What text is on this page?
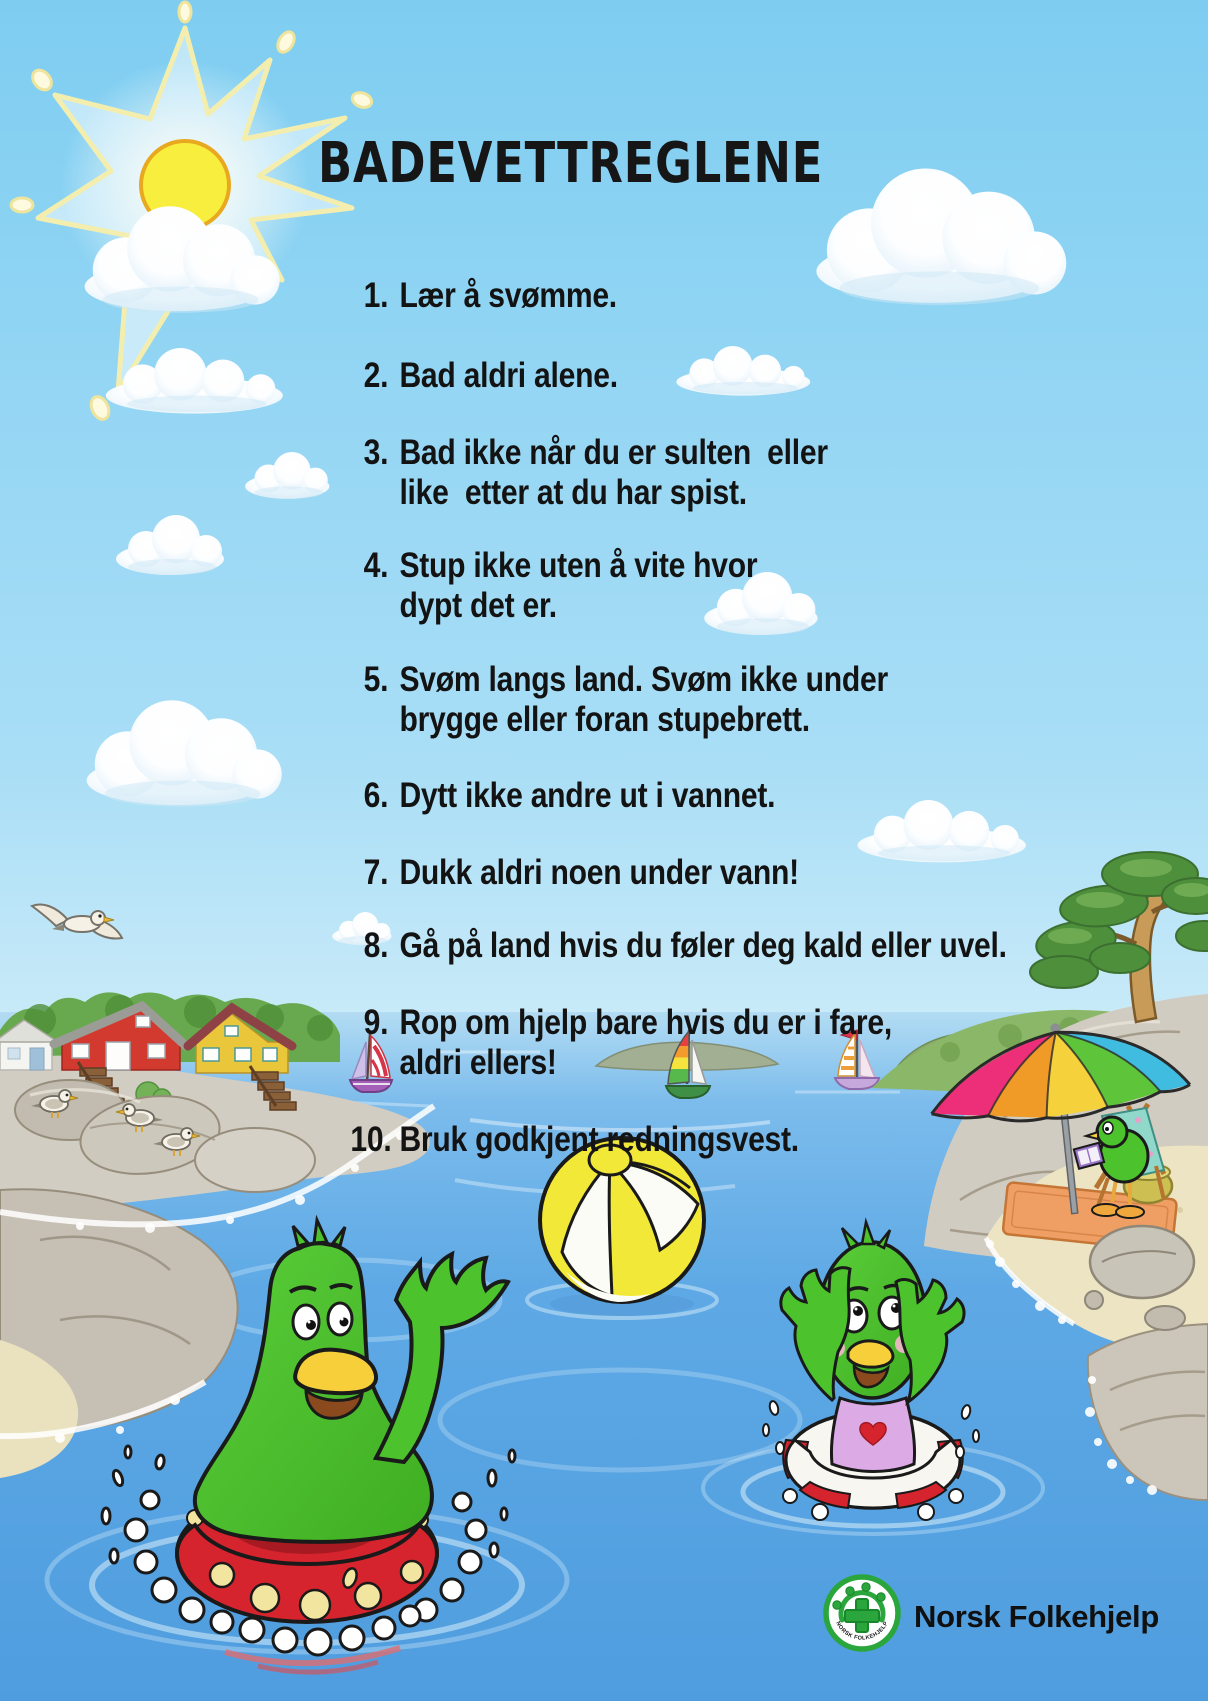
NORSK FOLKEHJELP
BADEVETTREGLENE

1. Lær å svømme.

2. Bad aldri alene.

3. Bad ikke når du er sulten  eller
like  etter at du har spist.

4. Stup ikke uten å vite hvor
dypt det er.

5. Svøm langs land. Svøm ikke under
brygge eller foran stupebrett.

6. Dytt ikke andre ut i vannet.

7. Dukk aldri noen under vann!

8. Gå på land hvis du føler deg kald eller uvel.

9. Rop om hjelp bare hvis du er i fare,
aldri ellers!

10. Bruk godkjent redningsvest.

Norsk Folkehjelp
